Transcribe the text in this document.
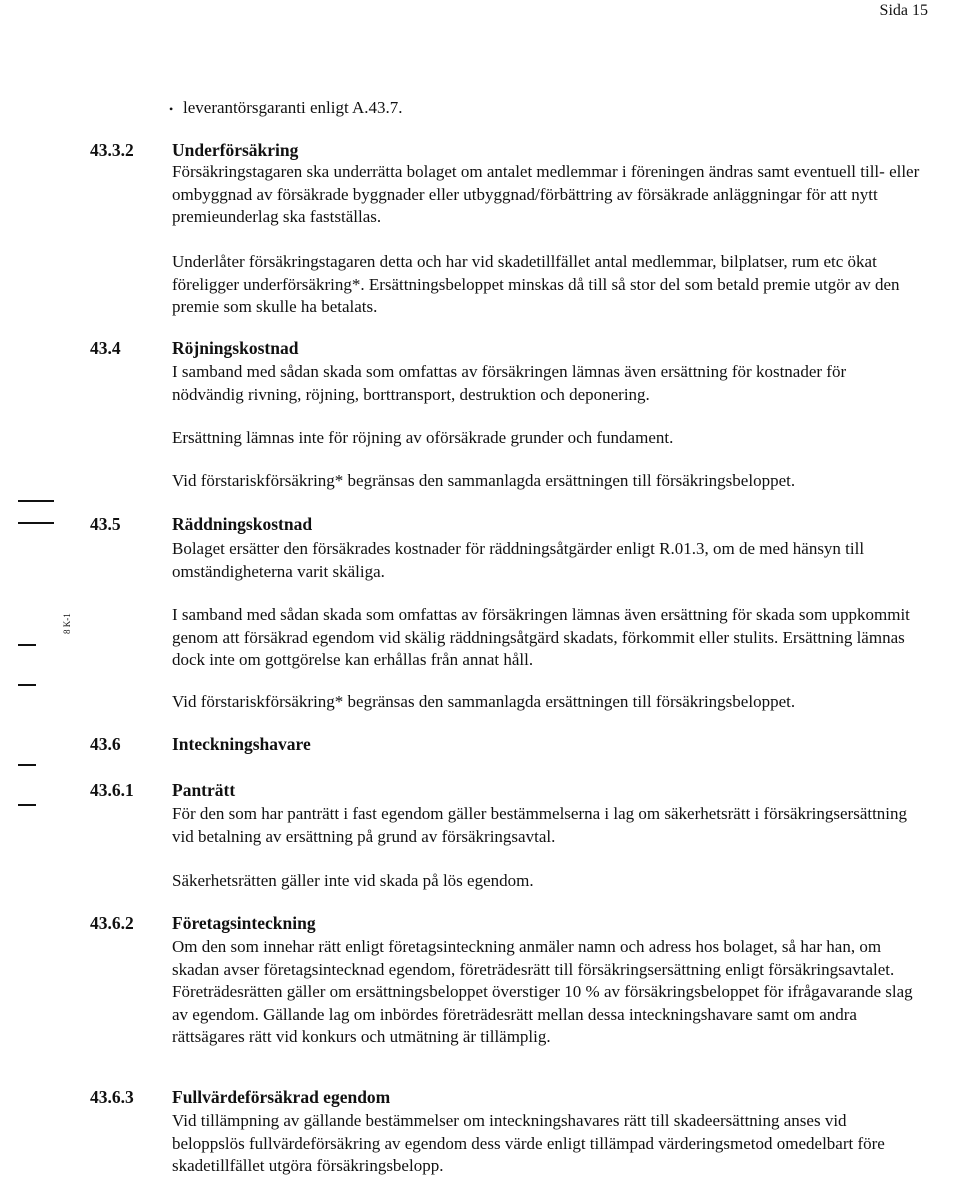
Sida 15
• leverantörsgaranti enligt A.43.7.
8 K-1
43.3.2 Underförsäkring
Försäkringstagaren ska underrätta bolaget om antalet medlemmar i föreningen ändras samt eventuell till- eller ombyggnad av försäkrade byggnader eller utbyggnad/förbättring av försäkrade anläggningar för att nytt premieunderlag ska fastställas.
Underlåter försäkringstagaren detta och har vid skadetillfället antal medlemmar, bilplatser, rum etc ökat föreligger underförsäkring*. Ersättningsbeloppet minskas då till så stor del som betald premie utgör av den premie som skulle ha betalats.
43.4	Röjningskostnad
I samband med sådan skada som omfattas av försäkringen lämnas även ersättning för kostnader för nödvändig rivning, röjning, borttransport, destruktion och deponering.
Ersättning lämnas inte för röjning av oförsäkrade grunder och fundament.
Vid förstariskförsäkring* begränsas den sammanlagda ersättningen till försäkringsbeloppet.
43.5	Räddningskostnad
Bolaget ersätter den försäkrades kostnader för räddningsåtgärder enligt R.01.3, om de med hänsyn till omständigheterna varit skäliga.
I samband med sådan skada som omfattas av försäkringen lämnas även ersättning för skada som uppkommit genom att försäkrad egendom vid skälig räddningsåtgärd skadats, förkommit eller stulits. Ersättning lämnas dock inte om gottgörelse kan erhållas från annat håll.
Vid förstariskförsäkring* begränsas den sammanlagda ersättningen till försäkringsbeloppet.
43.6	Inteckningshavare
43.6.1 Panträtt
För den som har panträtt i fast egendom gäller bestämmelserna i lag om säkerhetsrätt i försäkringsersättning vid betalning av ersättning på grund av försäkringsavtal.
Säkerhetsrätten gäller inte vid skada på lös egendom.
43.6.2 Företagsinteckning
Om den som innehar rätt enligt företagsinteckning anmäler namn och adress hos bolaget, så har han, om skadan avser företagsintecknad egendom, företrädesrätt till försäkringsersättning enligt försäkringsavtalet. Företrädesrätten gäller om ersättningsbeloppet överstiger 10 % av försäkringsbeloppet för ifrågavarande slag av egendom. Gällande lag om inbördes företrädesrätt mellan dessa inteckningshavare samt om andra rättsägares rätt vid konkurs och utmätning är tillämplig.
43.6.3 Fullvärdeförsäkrad egendom
Vid tillämpning av gällande bestämmelser om inteckningshavares rätt till skadeersättning anses vid beloppslös fullvärdeförsäkring av egendom dess värde enligt tillämpad värderingsmetod omedelbart före skadetillfället utgöra försäkringsbelopp.
